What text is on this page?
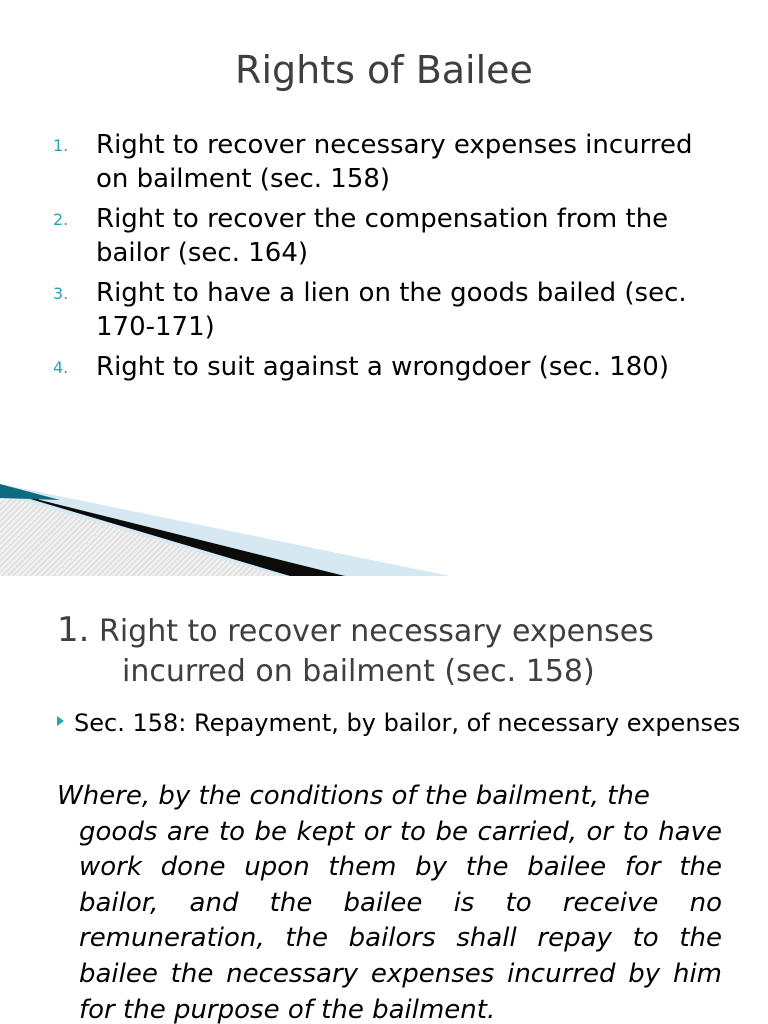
Rights of Bailee
1. Right to recover necessary expenses incurred on bailment (sec. 158)
2. Right to recover the compensation from the bailor (sec. 164)
3. Right to have a lien on the goods bailed (sec. 170-171)
4. Right to suit against a wrongdoer (sec. 180)
1. Right to recover necessary expenses
incurred on bailment (sec. 158)
Sec. 158: Repayment, by bailor, of necessary expenses
Where, by the conditions of the bailment, the
goods are to be kept or to be carried, or to have work done upon them by the bailee for the bailor, and the bailee is to receive no remuneration, the bailors shall repay to the bailee the necessary expenses incurred by him for the purpose of the bailment.
